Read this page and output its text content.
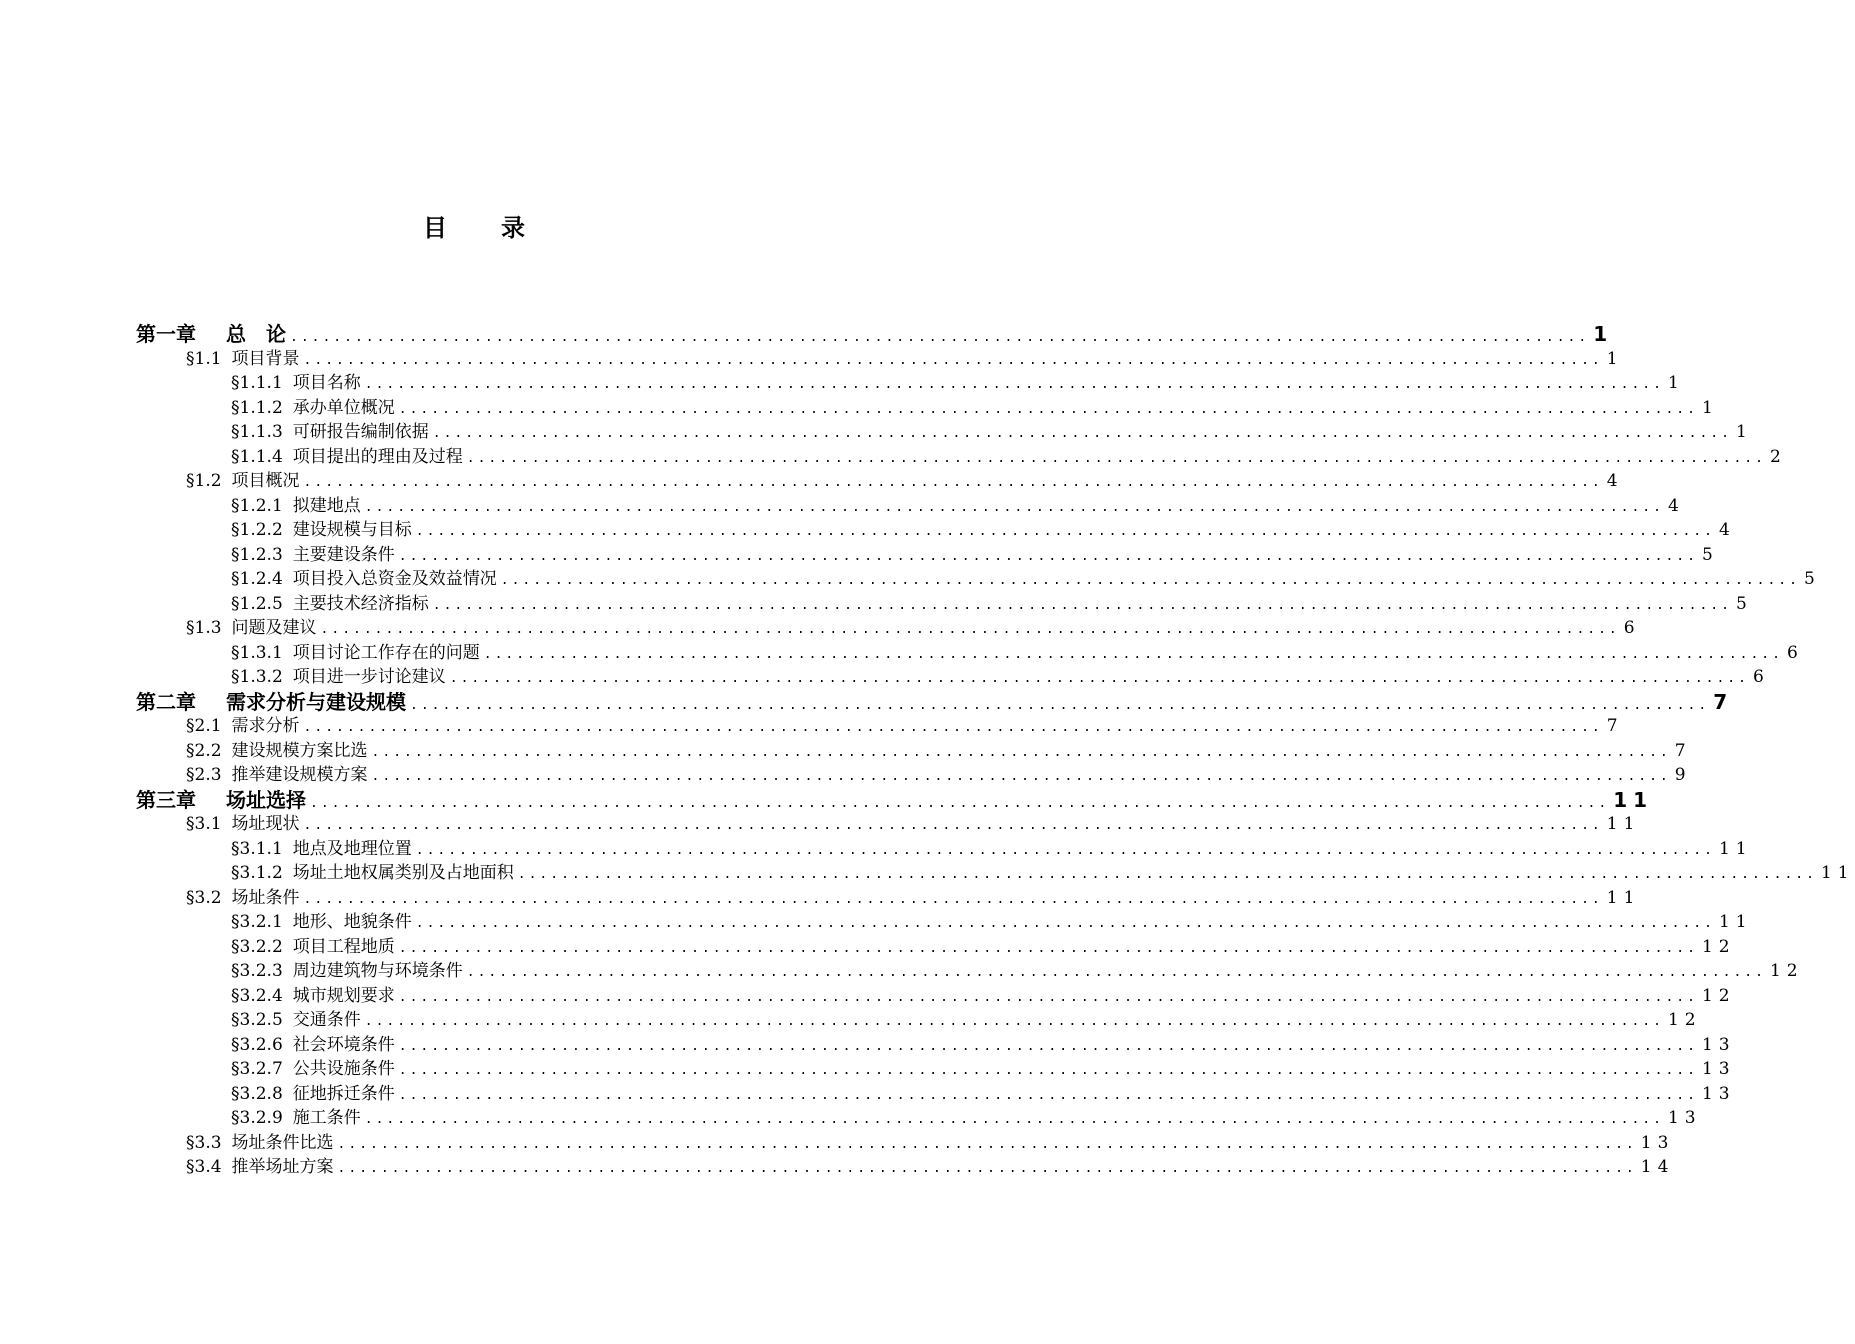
目　　录
第一章 总　论 ........................................................................................................................ 1
§1.1 项目背景 ........................................................................................................................ 1
§1.1.1 项目名称 ........................................................................................................................ 1
§1.1.2 承办单位概况 ........................................................................................................................ 1
§1.1.3 可研报告编制依据 ........................................................................................................................ 1
§1.1.4 项目提出的理由及过程 ........................................................................................................................ 2
§1.2 项目概况 ........................................................................................................................ 4
§1.2.1 拟建地点 ........................................................................................................................ 4
§1.2.2 建设规模与目标 ........................................................................................................................ 4
§1.2.3 主要建设条件 ........................................................................................................................ 5
§1.2.4 项目投入总资金及效益情况 ........................................................................................................................ 5
§1.2.5 主要技术经济指标 ........................................................................................................................ 5
§1.3 问题及建议 ........................................................................................................................ 6
§1.3.1 项目讨论工作存在的问题 ........................................................................................................................ 6
§1.3.2 项目进一步讨论建议 ........................................................................................................................ 6
第二章 需求分析与建设规模 ........................................................................................................................ 7
§2.1 需求分析 ........................................................................................................................ 7
§2.2 建设规模方案比选 ........................................................................................................................ 7
§2.3 推举建设规模方案 ........................................................................................................................ 9
第三章 场址选择 ........................................................................................................................ 11
§3.1 场址现状 ........................................................................................................................ 11
§3.1.1 地点及地理位置 ........................................................................................................................ 11
§3.1.2 场址土地权属类别及占地面积 ........................................................................................................................ 11
§3.2 场址条件 ........................................................................................................................ 11
§3.2.1 地形、地貌条件 ........................................................................................................................ 11
§3.2.2 项目工程地质 ........................................................................................................................ 12
§3.2.3 周边建筑物与环境条件 ........................................................................................................................ 12
§3.2.4 城市规划要求 ........................................................................................................................ 12
§3.2.5 交通条件 ........................................................................................................................ 12
§3.2.6 社会环境条件 ........................................................................................................................ 13
§3.2.7 公共设施条件 ........................................................................................................................ 13
§3.2.8 征地拆迁条件 ........................................................................................................................ 13
§3.2.9 施工条件 ........................................................................................................................ 13
§3.3 场址条件比选 ........................................................................................................................ 13
§3.4 推举场址方案 ........................................................................................................................ 14
